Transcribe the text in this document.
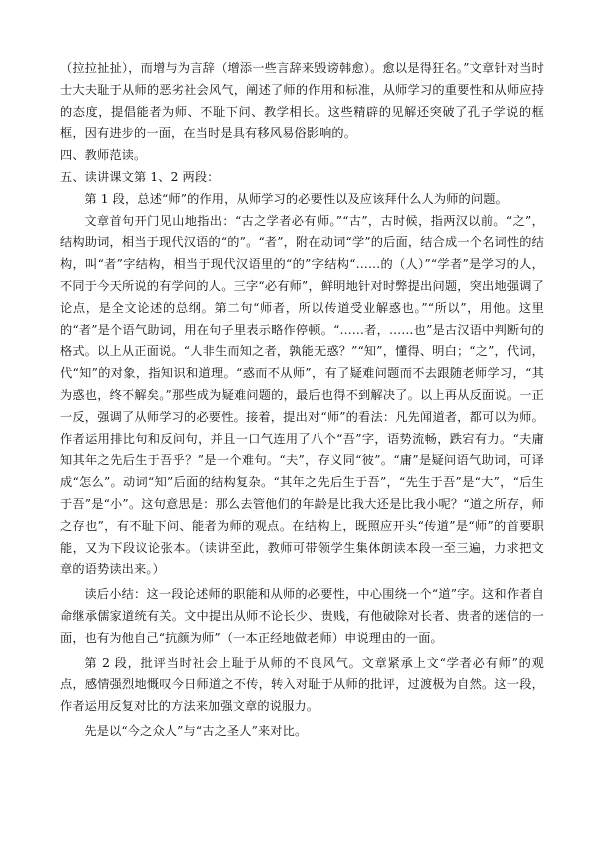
（拉拉扯扯），而增与为言辞（增添一些言辞来毁谤韩愈）。愈以是得狂名。”文章针对当时士大夫耻于从师的恶劣社会风气，阐述了师的作用和标准，从师学习的重要性和从师应持的态度，提倡能者为师、不耻下问、教学相长。这些精辟的见解还突破了孔子学说的框框，因有进步的一面，在当时是具有移风易俗影响的。

四、教师范读。

五、读讲课文第 1、2 两段：

第 1 段，总述“师”的作用，从师学习的必要性以及应该拜什么人为师的问题。

文章首句开门见山地指出：“古之学者必有师。”“古”，古时候，指两汉以前。“之”，结构助词，相当于现代汉语的“的”。“者”，附在动词“学”的后面，结合成一个名词性的结构，叫“者”字结构，相当于现代汉语里的“的”字结构“……的（人）”“学者”是学习的人，不同于今天所说的有学问的人。三字“必有师”，鲜明地针对时弊提出问题，突出地强调了论点，是全文论述的总纲。第二句“师者，所以传道受业解惑也。”“所以”，用他。这里的“者”是个语气助词，用在句子里表示略作停顿。“……者，……也”是古汉语中判断句的格式。以上从正面说。“人非生而知之者，孰能无惑？”“知”，懂得、明白；“之”，代词，代“知”的对象，指知识和道理。“惑而不从师”，有了疑难问题而不去跟随老师学习，“其为惑也，终不解矣。”那些成为疑难问题的，最后也得不到解决了。以上再从反面说。一正一反，强调了从师学习的必要性。接着，提出对“师”的看法：凡先闻道者，都可以为师。作者运用排比句和反问句，并且一口气连用了八个“吾”字，语势流畅，跌宕有力。“夫庸知其年之先后生于吾乎？”是一个难句。“夫”，存义同“彼”。“庸”是疑问语气助词，可译成“怎么”。动词“知”后面的结构复杂。“其年之先后生于吾”，“先生于吾”是“大”，“后生于吾”是“小”。这句意思是：那么去管他们的年龄是比我大还是比我小呢？“道之所存，师之存也”，有不耻下问、能者为师的观点。在结构上，既照应开头“传道”是“师”的首要职能，又为下段议论张本。（读讲至此，教师可带领学生集体朗读本段一至三遍，力求把文章的语势读出来。）

读后小结：这一段论述师的职能和从师的必要性，中心围绕一个“道”字。这和作者自命继承儒家道统有关。文中提出从师不论长少、贵贱，有他破除对长者、贵者的迷信的一面，也有为他自己“抗颜为师”（一本正经地做老师）申说理由的一面。

第 2 段，批评当时社会上耻于从师的不良风气。文章紧承上文“学者必有师”的观点，感情强烈地慨叹今日师道之不传，转入对耻于从师的批评，过渡极为自然。这一段，作者运用反复对比的方法来加强文章的说服力。

先是以“今之众人”与“古之圣人”来对比。
